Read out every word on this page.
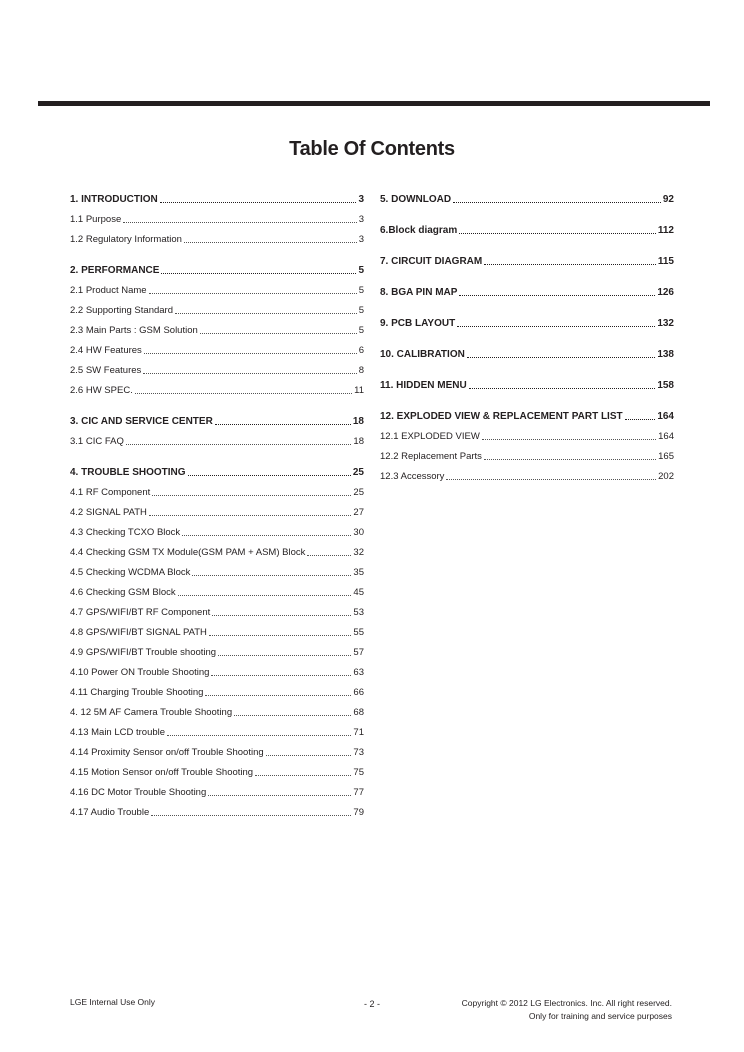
Table Of Contents
1. INTRODUCTION	3
1.1 Purpose	3
1.2 Regulatory Information	3
2. PERFORMANCE	5
2.1 Product Name	5
2.2 Supporting Standard	5
2.3 Main Parts : GSM Solution	5
2.4 HW Features	6
2.5 SW Features	8
2.6 HW SPEC.	11
3. CIC AND SERVICE CENTER	18
3.1 CIC FAQ	18
4. TROUBLE SHOOTING	25
4.1 RF Component	25
4.2 SIGNAL PATH	27
4.3 Checking TCXO Block	30
4.4 Checking GSM TX Module(GSM PAM + ASM) Block	32
4.5 Checking WCDMA Block	35
4.6 Checking GSM Block	45
4.7 GPS/WIFI/BT RF Component	53
4.8 GPS/WIFI/BT SIGNAL PATH	55
4.9 GPS/WIFI/BT Trouble shooting	57
4.10 Power ON Trouble Shooting	63
4.11 Charging Trouble Shooting	66
4. 12 5M AF Camera Trouble Shooting	68
4.13 Main LCD trouble	71
4.14 Proximity Sensor on/off Trouble Shooting	73
4.15 Motion Sensor on/off Trouble Shooting	75
4.16 DC Motor Trouble Shooting	77
4.17 Audio Trouble	79
5. DOWNLOAD	92
6.Block diagram	112
7. CIRCUIT DIAGRAM	115
8. BGA PIN MAP	126
9. PCB LAYOUT	132
10. CALIBRATION	138
11. HIDDEN MENU	158
12. EXPLODED VIEW & REPLACEMENT PART LIST	164
12.1 EXPLODED VIEW	164
12.2 Replacement Parts	165
12.3 Accessory	202
LGE Internal Use Only	- 2 -	Copyright © 2012 LG Electronics. Inc. All right reserved.
Only for training and service purposes
